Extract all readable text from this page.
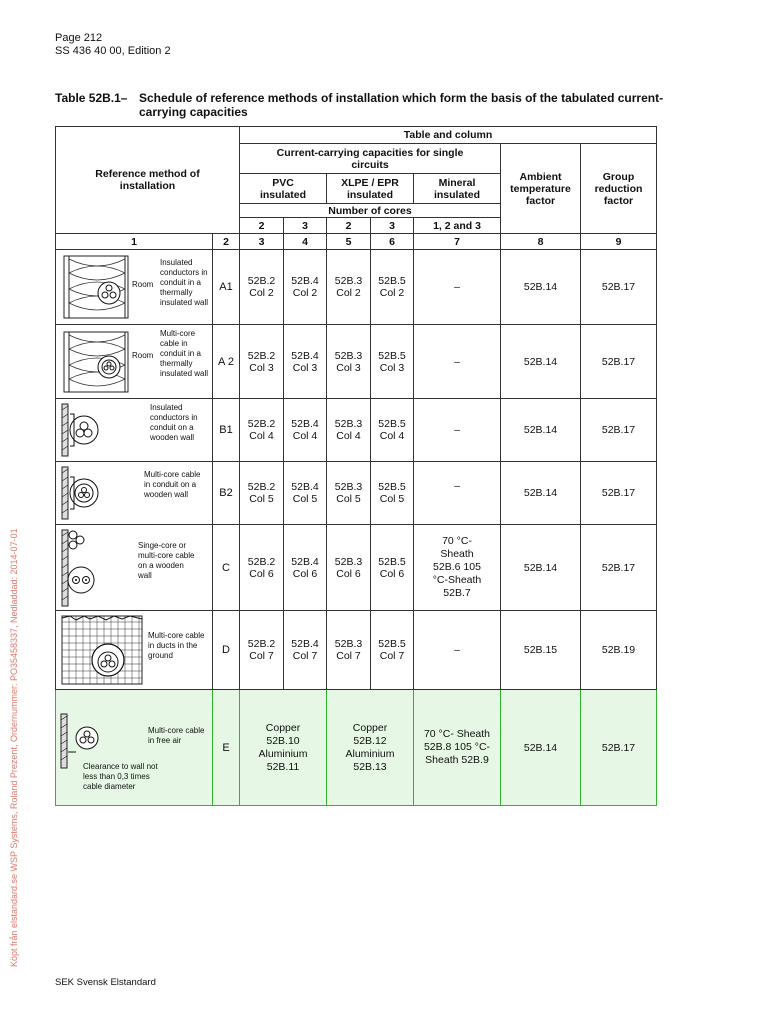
Page 212
SS 436 40 00, Edition 2
Table 52B.1– Schedule of reference methods of installation which form the basis of the tabulated current-carrying capacities
Reference method of installation		Table and column						
		Current-carrying capacities for single circuits					Ambient temperature factor	Group reduction factor
		PVC insulated		XLPE / EPR insulated		Mineral insulated		
		Number of cores						
		2	3	2	3	1, 2 and 3		
1	2	3	4	5	6	7	8	9

Room
Insulated conductors in conduit in a thermally insulated wall	A1	52B.2 Col 2	52B.4 Col 2	52B.3 Col 2	52B.5 Col 2	–	52B.14	52B.17

Room
Multi-core cable in conduit in a thermally insulated wall	A 2	52B.2 Col 3	52B.4 Col 3	52B.3 Col 3	52B.5 Col 3	–	52B.14	52B.17

Insulated conductors in conduit on a wooden wall	B1	52B.2 Col 4	52B.4 Col 4	52B.3 Col 4	52B.5 Col 4	–	52B.14	52B.17

Multi-core cable in conduit on a wooden wall	B2	52B.2 Col 5	52B.4 Col 5	52B.3 Col 5	52B.5 Col 5	–	52B.14	52B.17

Singe-core or multi-core cable on a wooden wall	C	52B.2 Col 6	52B.4 Col 6	52B.3 Col 6	52B.5 Col 6	70 °C-Sheath 52B.6 105 °C-Sheath 52B.7	52B.14	52B.17

Multi-core cable in ducts in the ground	D	52B.2 Col 7	52B.4 Col 7	52B.3 Col 7	52B.5 Col 7	–	52B.15	52B.19

Multi-core cable in free air
Clearance to wall not less than 0,3 times cable diameter	E	Copper 52B.10 Aluminium 52B.11		Copper 52B.12 Aluminium 52B.13		70 °C- Sheath 52B.8 105 °C- Sheath 52B.9	52B.14	52B.17
Köpt från elstandard.se WSP Systems, Roland Prezent, Ordernummer: PO35458337, Nedladdad: 2014-07-01
SEK Svensk Elstandard
